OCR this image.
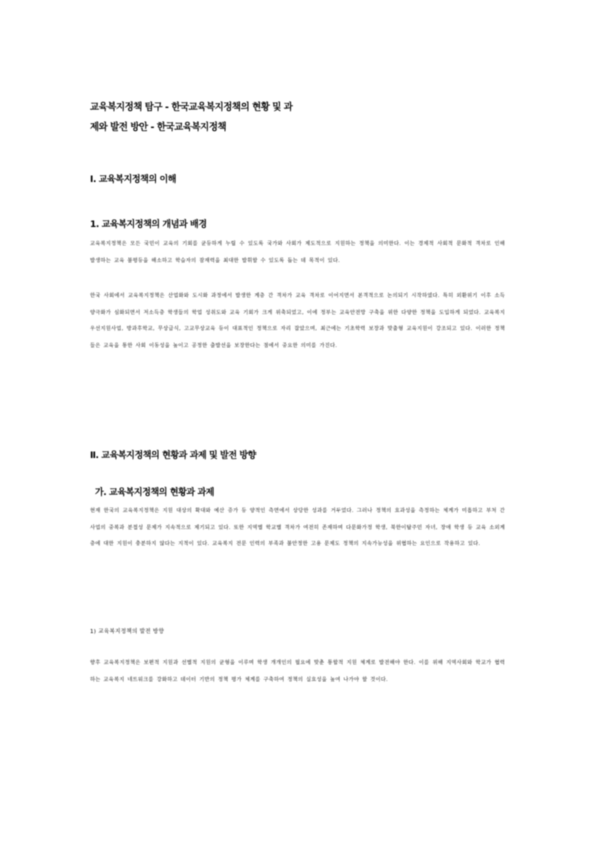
교육복지정책 탐구 - 한국교육복지정책의 현황 및 과
제와 발전 방안 - 한국교육복지정책
Ⅰ. 교육복지정책의 이해
1. 교육복지정책의 개념과 배경
교육복지정책은 모든 국민이 교육의 기회를 균등하게 누릴 수 있도록 국가와 사회가 제도적으로 지원하는 정책을 의미한다. 이는 경제적 사회적 문화적 격차로 인해 발생하는 교육 불평등을 해소하고 학습자의 잠재력을 최대한 발휘할 수 있도록 돕는 데 목적이 있다.
한국 사회에서 교육복지정책은 산업화와 도시화 과정에서 발생한 계층 간 격차가 교육 격차로 이어지면서 본격적으로 논의되기 시작하였다. 특히 외환위기 이후 소득 양극화가 심화되면서 저소득층 학생들의 학업 성취도와 교육 기회가 크게 위축되었고, 이에 정부는 교육안전망 구축을 위한 다양한 정책을 도입하게 되었다. 교육복지우선지원사업, 방과후학교, 무상급식, 고교무상교육 등이 대표적인 정책으로 자리 잡았으며, 최근에는 기초학력 보장과 맞춤형 교육지원이 강조되고 있다. 이러한 정책들은 교육을 통한 사회 이동성을 높이고 공정한 출발선을 보장한다는 점에서 중요한 의미를 가진다.
Ⅱ. 교육복지정책의 현황과 과제 및 발전 방향
가. 교육복지정책의 현황과 과제
현재 한국의 교육복지정책은 지원 대상의 확대와 예산 증가 등 양적인 측면에서 상당한 성과를 거두었다. 그러나 정책의 효과성을 측정하는 체계가 미흡하고 부처 간 사업의 중복과 분절성 문제가 지속적으로 제기되고 있다. 또한 지역별 학교별 격차가 여전히 존재하며 다문화가정 학생, 북한이탈주민 자녀, 장애 학생 등 교육 소외계층에 대한 지원이 충분하지 않다는 지적이 있다. 교육복지 전문 인력의 부족과 불안정한 고용 문제도 정책의 지속가능성을 위협하는 요인으로 작용하고 있다.
1) 교육복지정책의 발전 방향
향후 교육복지정책은 보편적 지원과 선별적 지원의 균형을 이루며 학생 개개인의 필요에 맞춘 통합적 지원 체계로 발전해야 한다. 이를 위해 지역사회와 학교가 협력하는 교육복지 네트워크를 강화하고 데이터 기반의 정책 평가 체계를 구축하여 정책의 실효성을 높여 나가야 할 것이다.
